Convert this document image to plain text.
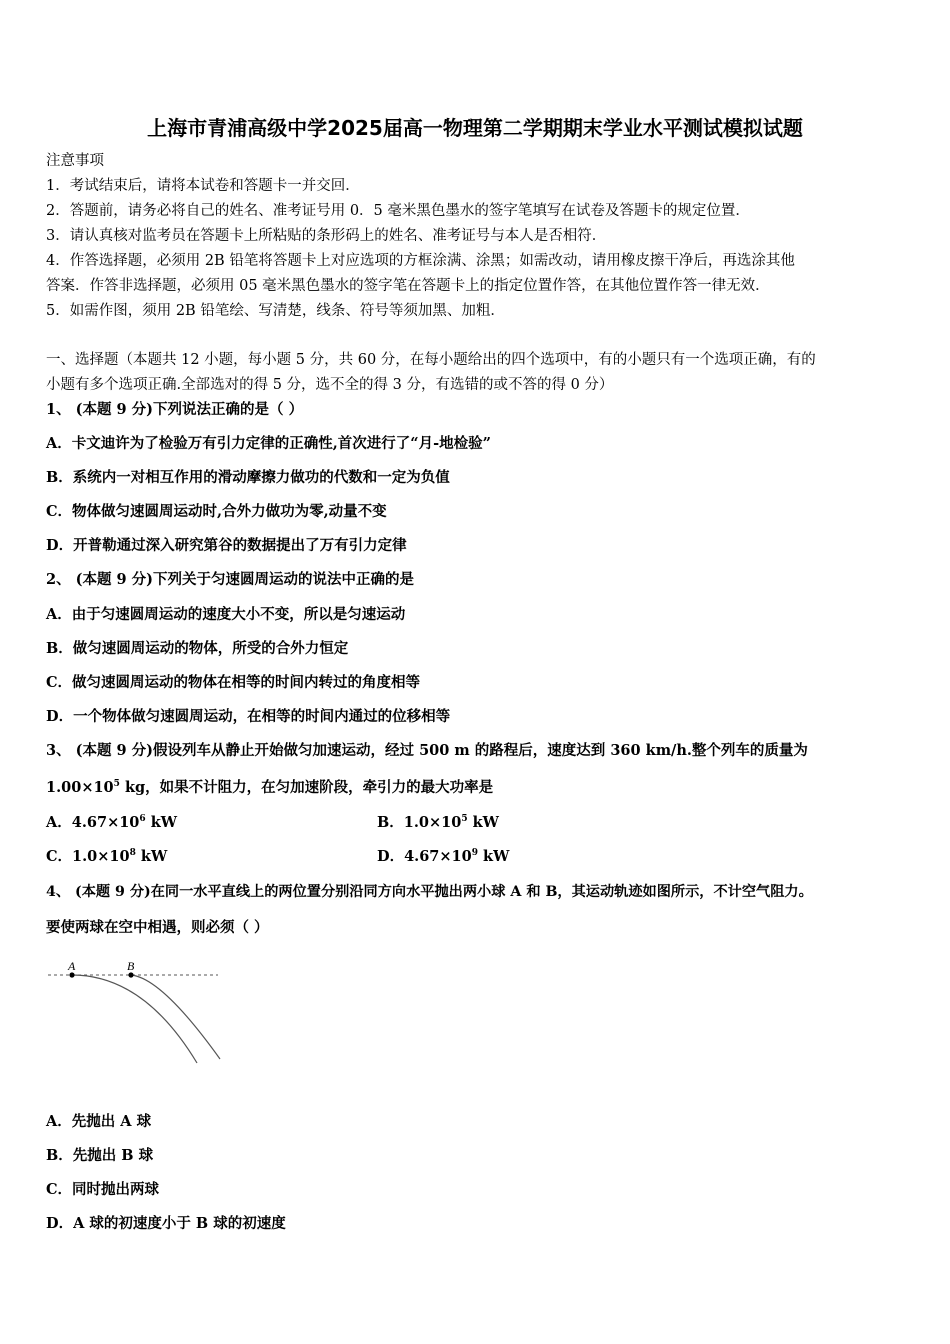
上海市青浦高级中学2025届高一物理第二学期期末学业水平测试模拟试题
注意事项
1．考试结束后，请将本试卷和答题卡一并交回．
2．答题前，请务必将自己的姓名、准考证号用 0．5 毫米黑色墨水的签字笔填写在试卷及答题卡的规定位置．
3．请认真核对监考员在答题卡上所粘贴的条形码上的姓名、准考证号与本人是否相符．
4．作答选择题，必须用 2B 铅笔将答题卡上对应选项的方框涂满、涂黑；如需改动，请用橡皮擦干净后，再选涂其他
答案．作答非选择题，必须用 05 毫米黑色墨水的签字笔在答题卡上的指定位置作答，在其他位置作答一律无效．
5．如需作图，须用 2B 铅笔绘、写清楚，线条、符号等须加黑、加粗．
一、选择题（本题共 12 小题，每小题 5 分，共 60 分，在每小题给出的四个选项中，有的小题只有一个选项正确，有的
小题有多个选项正确.全部选对的得 5 分，选不全的得 3 分，有选错的或不答的得 0 分）
1、 (本题 9 分)下列说法正确的是（ ）
A．卡文迪许为了检验万有引力定律的正确性,首次进行了“月-地检验”
B．系统内一对相互作用的滑动摩擦力做功的代数和一定为负值
C．物体做匀速圆周运动时,合外力做功为零,动量不变
D．开普勒通过深入研究第谷的数据提出了万有引力定律
2、 (本题 9 分)下列关于匀速圆周运动的说法中正确的是
A．由于匀速圆周运动的速度大小不变，所以是匀速运动
B．做匀速圆周运动的物体，所受的合外力恒定
C．做匀速圆周运动的物体在相等的时间内转过的角度相等
D．一个物体做匀速圆周运动，在相等的时间内通过的位移相等
3、 (本题 9 分)假设列车从静止开始做匀加速运动，经过 500 m 的路程后，速度达到 360 km/h.整个列车的质量为
$1.00\times 10^5$ kg，如果不计阻力，在匀加速阶段，牵引力的最大功率是
A．$4.67\times 10^6$ kW	B．$1.0\times 10^5$ kW
C．$1.0\times 10^8$ kW	D．$4.67\times 10^9$ kW
4、 (本题 9 分)在同一水平直线上的两位置分别沿同方向水平抛出两小球 A 和 B，其运动轨迹如图所示，不计空气阻力。
要使两球在空中相遇，则必须（ ）
A	B
A．先抛出 A 球
B．先抛出 B 球
C．同时抛出两球
D．A 球的初速度小于 B 球的初速度
